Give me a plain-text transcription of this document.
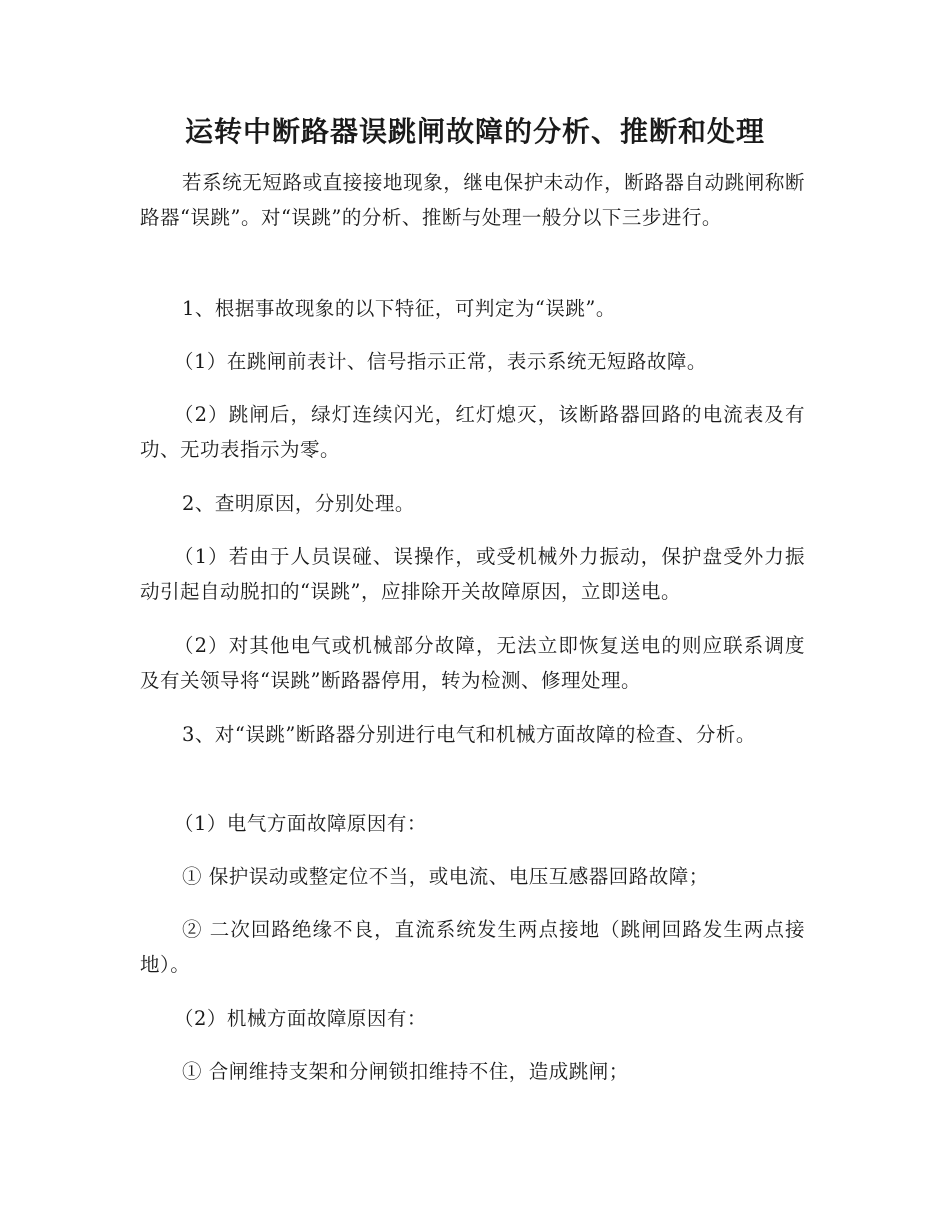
运转中断路器误跳闸故障的分析、推断和处理

若系统无短路或直接接地现象，继电保护未动作，断路器自动跳闸称断路器“误跳”。对“误跳”的分析、推断与处理一般分以下三步进行。

1、根据事故现象的以下特征，可判定为“误跳”。

（1）在跳闸前表计、信号指示正常，表示系统无短路故障。

（2）跳闸后，绿灯连续闪光，红灯熄灭，该断路器回路的电流表及有功、无功表指示为零。

2、查明原因，分别处理。

（1）若由于人员误碰、误操作，或受机械外力振动，保护盘受外力振动引起自动脱扣的“误跳”，应排除开关故障原因，立即送电。

（2）对其他电气或机械部分故障，无法立即恢复送电的则应联系调度及有关领导将“误跳”断路器停用，转为检测、修理处理。

3、对“误跳”断路器分别进行电气和机械方面故障的检查、分析。

（1）电气方面故障原因有：

① 保护误动或整定位不当，或电流、电压互感器回路故障；

② 二次回路绝缘不良，直流系统发生两点接地（跳闸回路发生两点接地）。

（2）机械方面故障原因有：

① 合闸维持支架和分闸锁扣维持不住，造成跳闸；
